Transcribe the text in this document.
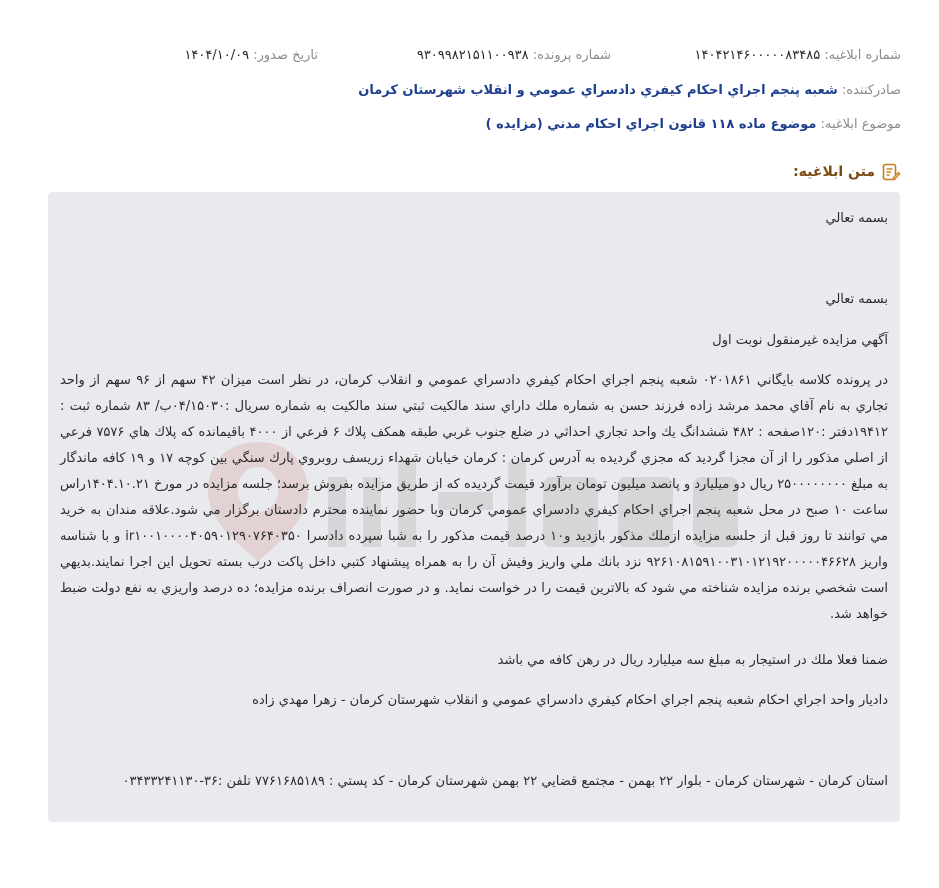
شماره ابلاغيه: ۱۴۰۴۲۱۴۶۰۰۰۰۰۸۳۴۸۵
شماره پرونده: ۹۳۰۹۹۸۲۱۵۱۱۰۰۹۳۸
تاريخ صدور: ۱۴۰۴/۱۰/۰۹
صادركننده:

شعبه پنجم اجراي احكام كيفري دادسراي عمومي و انقلاب شهرستان كرمان
موضوع ابلاغيه:

موضوع ماده ۱۱۸ قانون اجراي احكام مدني (مزايده )
متن ابلاغيه:
بسمه تعالي
بسمه تعالي
آگهي مزايده غيرمنقول نوبت اول
در پرونده كلاسه بايگاني ۰۲۰۱۸۶۱ شعبه پنجم اجراي احكام كيفري دادسراي عمومي و انقلاب كرمان، در نظر است ميزان ۴۲ سهم از ۹۶ سهم از واحد تجاري به نام آقاي محمد مرشد زاده فرزند حسن به شماره ملك داراي سند مالكيت ثبتي سند مالكيت به شماره سريال :۰۴/۱۵۰۳۰ب/ ۸۳ شماره ثبت : ۱۹۴۱۲دفتر :۱۲۰صفحه : ۴۸۲ ششدانگ يك واحد تجاري احداثي در ضلع جنوب غربي طبقه همكف پلاك ۶ فرعي از ۴۰۰۰ باقيمانده كه پلاك هاي ۷۵۷۶ فرعي از اصلي مذكور را از آن مجزا گرديد كه مجزي گرديده به آدرس كرمان : كرمان خيابان شهداء زريسف روبروي پارك سنگي بين كوچه ۱۷ و ۱۹ كافه ماندگار به مبلغ ۲۵۰۰۰۰۰۰۰۰ ريال دو ميليارد و پانصد ميليون تومان برآورد قيمت گرديده كه از طريق مزايده بفروش برسد؛ جلسه مزايده در مورخ ۱۴۰۴.۱۰.۲۱راس ساعت ۱۰ صبح در محل شعبه پنجم اجراي احكام كيفري دادسراي عمومي كرمان وبا حضور نماينده محترم دادستان برگزار مي شود.علاقه مندان به خريد مي توانند تا روز قبل از جلسه مزايده ازملك مذكور بازديد و۱۰ درصد قيمت مذكور را به شبا سپرده دادسرا ir۱۰۰۱۰۰۰۰۴۰۵۹۰۱۲۹۰۷۶۴۰۳۵۰ و با شناسه واريز ۹۲۶۱۰۸۱۵۹۱۰۰۳۱۰۱۲۱۹۲۰۰۰۰۰۴۶۶۲۸ نزد بانك ملي واريز وفيش آن را به همراه پيشنهاد كتبي داخل پاكت درب بسته تحويل اين اجرا نمايند.بديهي است شخصي برنده مزايده شناخته مي شود كه بالاترين قيمت را در خواست نمايد. و در صورت انصراف برنده مزايده؛ ده درصد واريزي به نفع دولت ضبط خواهد شد.
ضمنا فعلا ملك در استيجار به مبلغ سه ميليارد ريال در رهن كافه مي باشد
دادیار واحد اجراي احكام شعبه پنجم اجراي احكام كيفري دادسراي عمومي و انقلاب شهرستان كرمان - زهرا مهدي زاده
استان كرمان - شهرستان كرمان - بلوار ۲۲ بهمن - مجتمع قضايي ۲۲ بهمن شهرستان كرمان - كد پستي : ۷۷۶۱۶۸۵۱۸۹ تلفن :۳۶-۰۳۴۳۳۲۴۱۱۳۰
